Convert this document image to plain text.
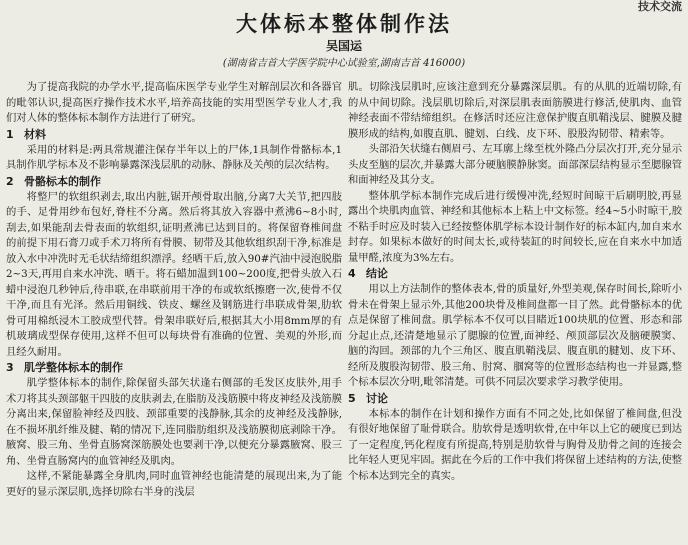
技术交流
大体标本整体制作法
吴国运
(湖南省吉首大学医学院中心试验室,湖南吉首 416000)

为了提高我院的办学水平,提高临床医学专业学生对解剖层次和各器官的毗邻认识,提高医疗操作技术水平,培养高技能的实用型医学专业人才,我们对人体的整体标本制作方法进行了研究。

1 材料

采用的材料是:两具常规灌注保存半年以上的尸体,1具制作骨骼标本,1具制作肌学标本及不影响暴露深浅层肌的动脉、静脉及关颅的层次结构。

2 骨骼标本的制作

将整尸的软组织剥去,取出内脏,锯开颅骨取出脑,分离7大关节,把四肢的手、足骨用纱布包好,脊柱不分离。然后将其放入容器中煮沸6~8小时,刮去,如果能刮去骨表面的软组织,证明煮沸已达到目的。将保留脊椎间盘的前提下用石膏刀或手术刀将所有骨膜、韧带及其他软组织刮干净,标准是放入水中冲洗时无毛状结缔组织漂浮。经晒干后,放入90#汽油中浸泡脱脂2~3天,再用自来水冲洗、晒干。将石蜡加温到100~200度,把骨头放入石蜡中浸泡几秒钟后,待串联,在串联前用干净的布或软纸擦磨一次,使骨不仅干净,而且有光泽。然后用铜线、铁皮、螺丝及钢筋进行串联成骨架,肋软骨可用棉纸浸木工胶成型代替。骨架串联好后,根据其大小用8mm厚的有机玻璃成型保存使用,这样不但可以每块骨有准确的位置、美观的外形,而且经久耐用。

3 肌学整体标本的制作

肌学整体标本的制作,除保留头部矢状逢右侧部的毛发区皮肤外,用手术刀将其头颈部躯干四肢的皮肤剥去,在脂肪及浅筋膜中将皮神经及浅筋膜分离出来,保留脸神经及四肢、颈部重要的浅静脉,其余的皮神经及浅静脉,在不损坏肌纤维及腱、鞘的情况下,连同脂肪组织及浅筋膜彻底剥除干净。腋窝、股三角、坐骨直肠窝深筋膜处也要剥干净,以便充分暴露腋窝、股三角、坐骨直肠窝内的血管神经及肌肉。

这样,不紧能暴露全身肌肉,同时血管神经也能清楚的展现出来,为了能更好的显示深层肌,选择切除右半身的浅层

肌。切除浅层肌时,应该注意到充分暴露深层肌。有的从肌的近端切除,有的从中间切除。浅层肌切除后,对深层肌表面筋膜进行修活,使肌肉、血管神经表面不带结缔组织。在修活时还应注意保护腹直肌鞘浅层、腱膜及腱膜形成的结构,如腹直肌、腱划、白线、皮下环、股股沟韧带、精索等。

头部沿矢状缝右侧眉弓、左耳廓上缘至枕外隆凸分层次打开,充分显示头皮至脑的层次,并暴露大部分硬脑膜静脉窦。面部深层结构显示至腮腺管和面神经及其分支。

整体肌学标本制作完成后进行缓慢冲洗,经短时间晾干后刷明胶,再显露出个块肌肉血管、神经和其他标本上粘上中文标签。经4~5小时晾干,胶不粘手时应及时装入已经按整体肌学标本设计制作好的标本缸内,加自来水封存。如果标本做好的时间太长,或待装缸的时间较长,应在自来水中加适量甲醛,浓度为3%左右。

4 结论

用以上方法制作的整体表本,骨的质量好,外型美观,保存时间长,除听小骨未在骨架上显示外,其他200块骨及椎间盘都一目了然。此骨骼标本的优点是保留了椎间盘。肌学标本不仅可以目睹近100块肌的位置、形态和部分起止点,还清楚地显示了腮腺的位置,面神经、颅顶部层次及脑硬膜窦、脑的沟回。颈部的九个三角区、腹直肌鞘浅层、腹直肌的腱划、皮下环、经所及腹股沟韧带、股三角、肘窝、腘窝等的位置形态结构也一并显露,整个标本层次分明,毗邻清楚。可供不同层次要求学习教学使用。

5 讨论

本标本的制作在计划和操作方面有不同之处,比如保留了椎间盘,但没有很好地保留了耻骨联合。肋软骨是透明软骨,在中年以上它的硬度已到达了一定程度,钙化程度有所提高,特别是肋软骨与胸骨及肋骨之间的连接会比年轻人更见牢固。据此在今后的工作中我们将保留上述结构的方法,使整个标本达到完全的真实。
